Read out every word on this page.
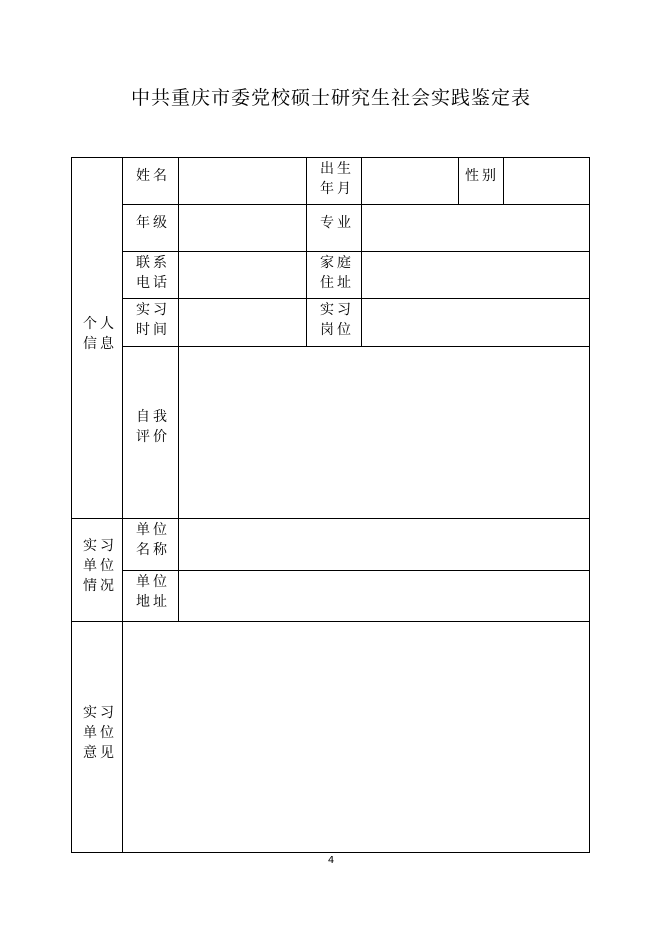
中共重庆市委党校硕士研究生社会实践鉴定表
个人
信息
实习
单位
情况
实习
单位
意见
姓名	出生
年月
性别
年级	专业
联系
电话
家庭
住址
实习
时间
实习
岗位
自我
评价
单位
名称
单位
地址
4
